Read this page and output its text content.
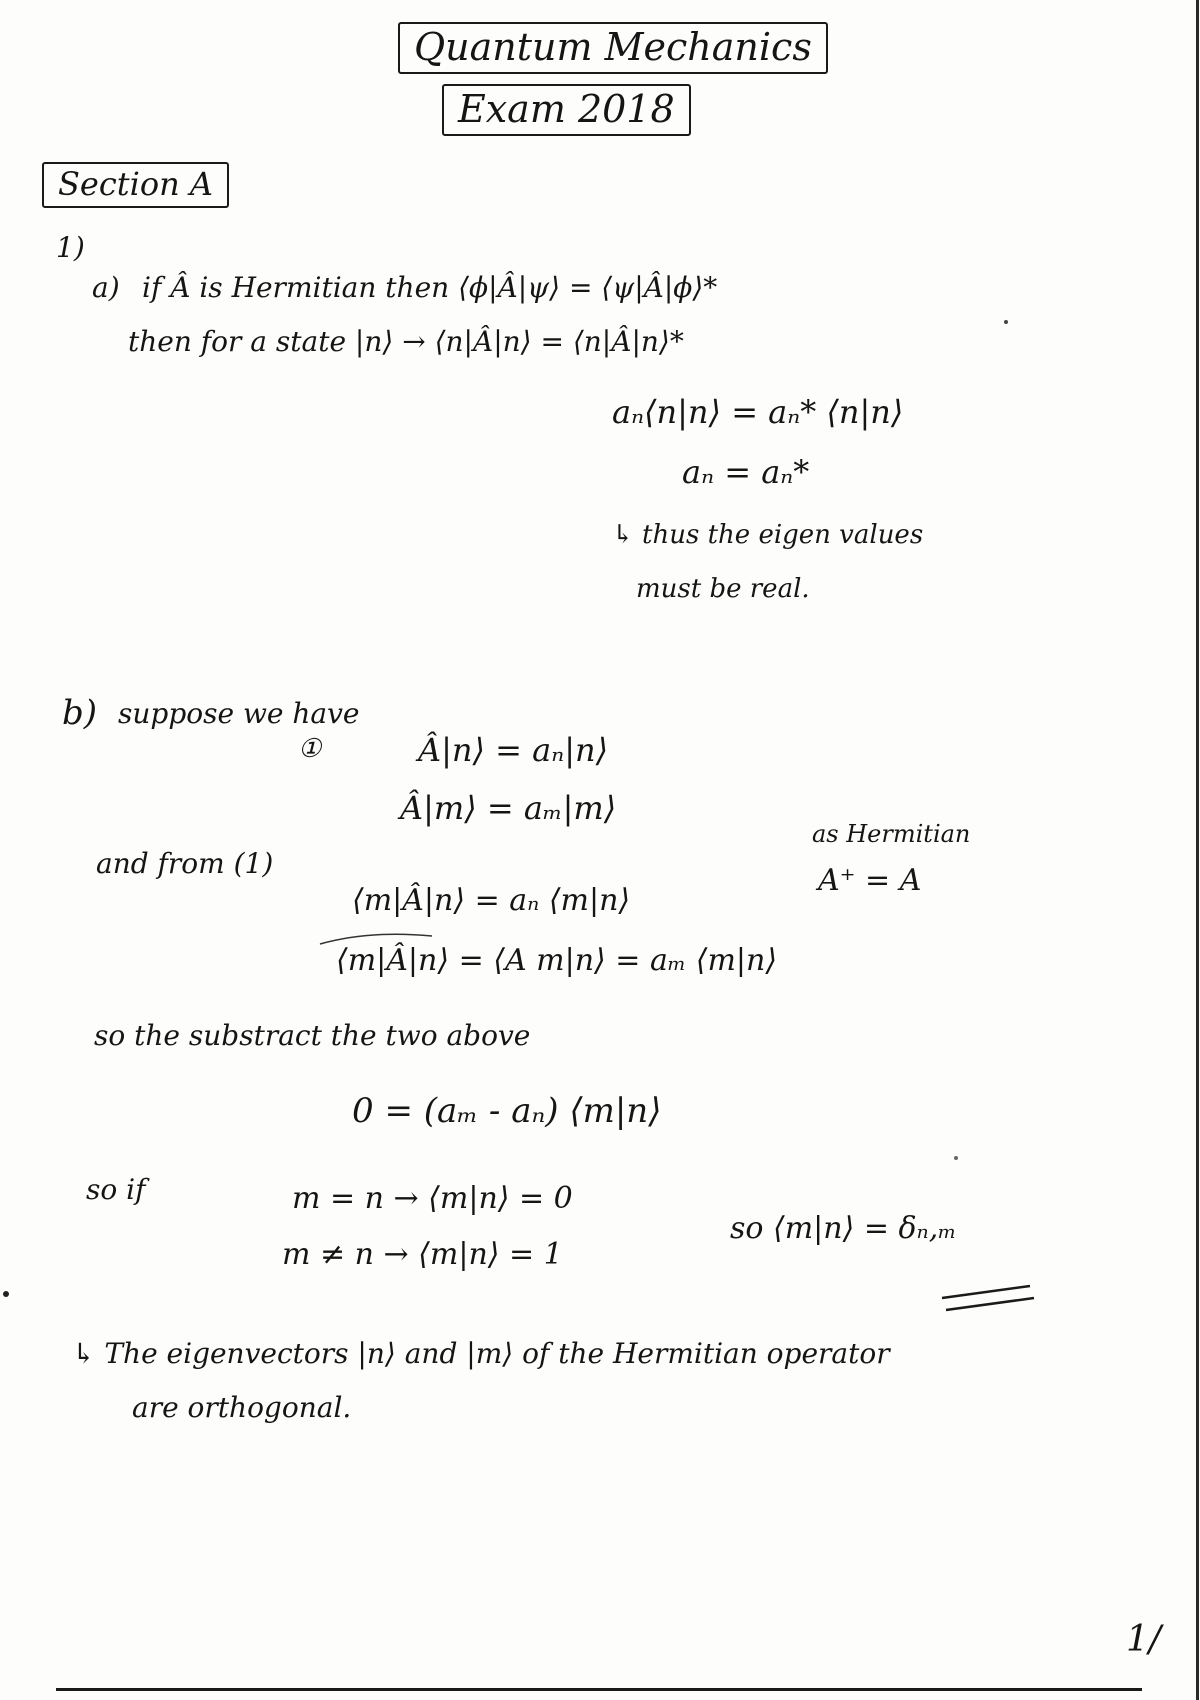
Quantum Mechanics
Exam 2018
Section A
1)
a) if Â is Hermitian then ⟨ϕ|Â|ψ⟩ = ⟨ψ|Â|ϕ⟩*
then for a state |n⟩ → ⟨n|Â|n⟩ = ⟨n|Â|n⟩*
aₙ⟨n|n⟩ = aₙ* ⟨n|n⟩
aₙ = aₙ*
↳ thus the eigen values
must be real.
b) suppose we have
①	Â|n⟩ = aₙ|n⟩
Â|m⟩ = aₘ|m⟩
as Hermitian
A⁺ = A
and from (1)
⟨m|Â|n⟩ = aₙ ⟨m|n⟩
⟨m|Â|n⟩ = ⟨A m|n⟩ = aₘ ⟨m|n⟩
so the substract the two above
0 = (aₘ - aₙ) ⟨m|n⟩
so if	m = n → ⟨m|n⟩ = 0
m ≠ n → ⟨m|n⟩ = 1
so ⟨m|n⟩ = δₙ,ₘ
↳ The eigenvectors |n⟩ and |m⟩ of the Hermitian operator
are orthogonal.
1/
